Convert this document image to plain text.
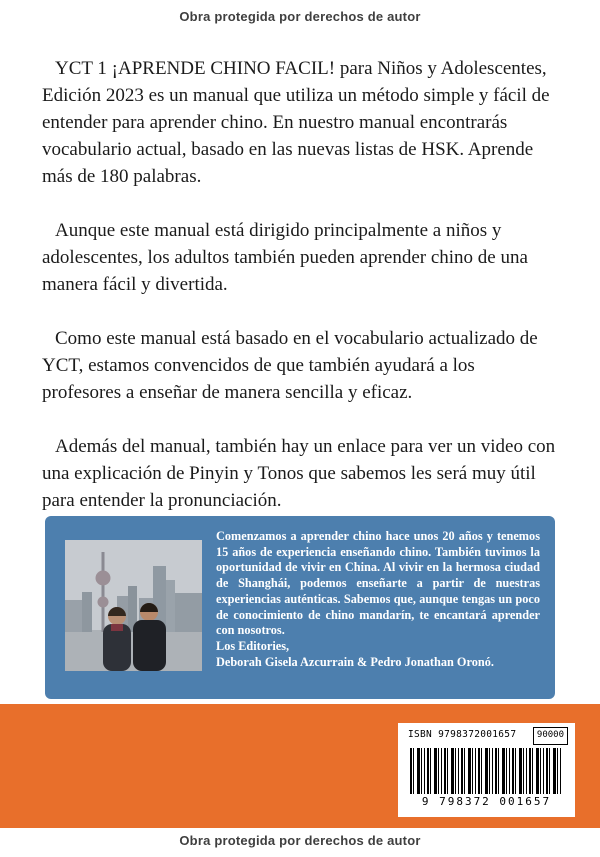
Obra protegida por derechos de autor

YCT 1 ¡APRENDE CHINO FACIL! para Niños y Adolescentes, Edición 2023 es un manual que utiliza un método simple y fácil de entender para aprender chino. En nuestro manual encontrarás vocabulario actual, basado en las nuevas listas de HSK. Aprende más de 180 palabras.

Aunque este manual está dirigido principalmente a niños y adolescentes, los adultos también pueden aprender chino de una manera fácil y divertida.

Como este manual está basado en el vocabulario actualizado de YCT, estamos convencidos de que también ayudará a los profesores a enseñar de manera sencilla y eficaz.

Además del manual, también hay un enlace para ver un video con una explicación de Pinyin y Tonos que sabemos les será muy útil para entender la pronunciación.

Comenzamos a aprender chino hace unos 20 años y tenemos 15 años de experiencia enseñando chino. También tuvimos la oportunidad de vivir en China. Al vivir en la hermosa ciudad de Shanghái, podemos enseñarte a partir de nuestras experiencias auténticas. Sabemos que, aunque tengas un poco de conocimiento de chino mandarín, te encantará aprender con nosotros.
Los Editories,
Deborah Gisela Azcurrain & Pedro Jonathan Oronó.
ISBN 9798372001657	90000
9 798372 001657
Obra protegida por derechos de autor
